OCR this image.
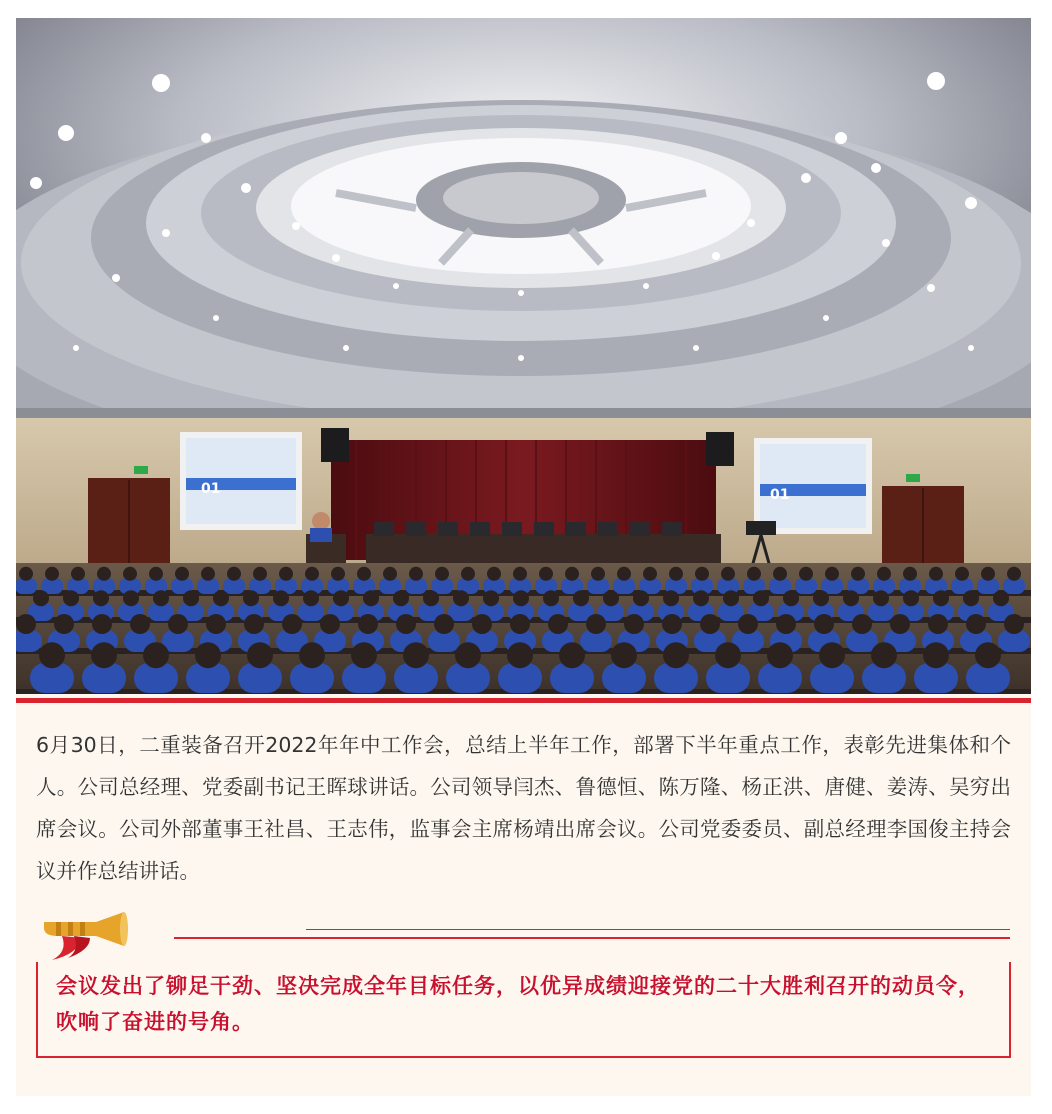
01	01

6月30日，二重装备召开2022年年中工作会，总结上半年工作，部署下半年重点工作，表彰先进集体和个人。公司总经理、党委副书记王晖球讲话。公司领导闫杰、鲁德恒、陈万隆、杨正洪、唐健、姜涛、吴穷出席会议。公司外部董事王社昌、王志伟，监事会主席杨靖出席会议。公司党委委员、副总经理李国俊主持会议并作总结讲话。

会议发出了铆足干劲、坚决完成全年目标任务，以优异成绩迎接党的二十大胜利召开的动员令，吹响了奋进的号角。
